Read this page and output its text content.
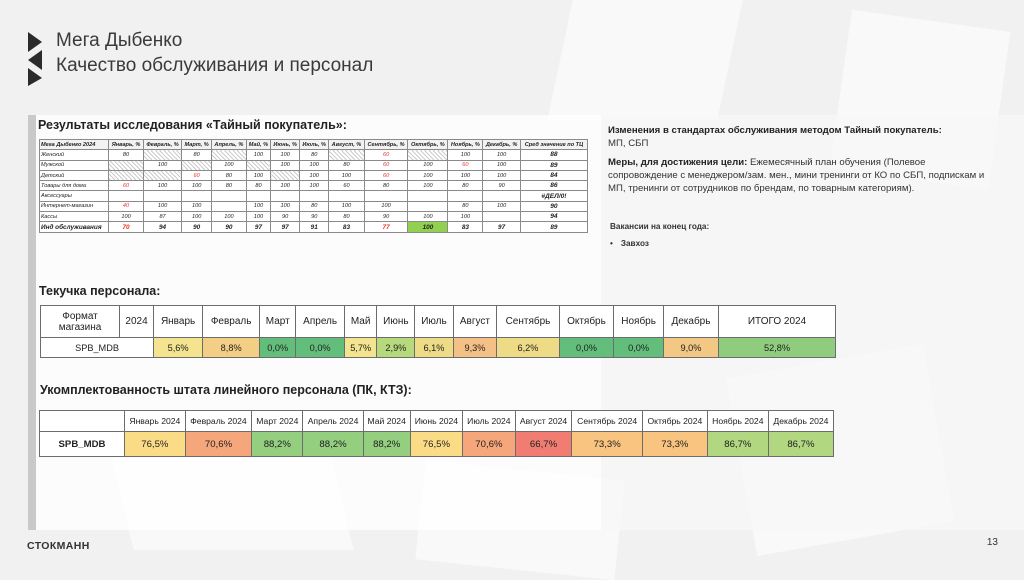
Мега Дыбенко
Качество обслуживания и персонал
Результаты исследования «Тайный покупатель»:
Мега Дыбенко 2024	Январь, %	Февраль, %	Март, %	Апрель, %	Май, %	Июнь, %	Июль, %	Август, %	Сентябрь, %	Октябрь, %	Ноябрь, %	Декабрь, %	Сред значение по ТЦ
Женский	80		80		100	100	80		60		100	100	88
Мужской		100		100		100	100	80	60	100	60	100	89
Детский			60	80	100		100	100	60	100	100	100	84
Товары для дома	60	100	100	80	80	100	100	60	80	100	80	90	86
Аксессуары													#ДЕЛ/0!
Интернет-магазин	40	100	100		100	100	80	100	100		80	100	90
Кассы	100	87	100	100	100	90	90	80	90	100	100		94
Инд обслуживания	70	94	90	90	97	97	91	83	77	100	83	97	89
Изменения в стандартах обслуживания методом Тайный покупатель:
МП, СБП
Меры, для достижения цели: Ежемесячный план обучения (Полевое сопровождение с менеджером/зам. мен., мини тренинги от КО по СБП, подпискам и МП, тренинги от сотрудников по брендам, по товарным категориям).
Вакансии на конец года:
• Завхоз
Текучка персонала:
Формат магазина	2024	Январь	Февраль	Март	Апрель	Май	Июнь	Июль	Август	Сентябрь	Октябрь	Ноябрь	Декабрь	ИТОГО 2024
SPB_MDB		5,6%	8,8%	0,0%	0,0%	5,7%	2,9%	6,1%	9,3%	6,2%	0,0%	0,0%	9,0%	52,8%
Укомплектованность штата линейного персонала (ПК, КТЗ):
	Январь 2024	Февраль 2024	Март 2024	Апрель 2024	Май 2024	Июнь 2024	Июль 2024	Август 2024	Сентябрь 2024	Октябрь 2024	Ноябрь 2024	Декабрь 2024
SPB_MDB	76,5%	70,6%	88,2%	88,2%	88,2%	76,5%	70,6%	66,7%	73,3%	73,3%	86,7%	86,7%
СТОКМАНН	13
